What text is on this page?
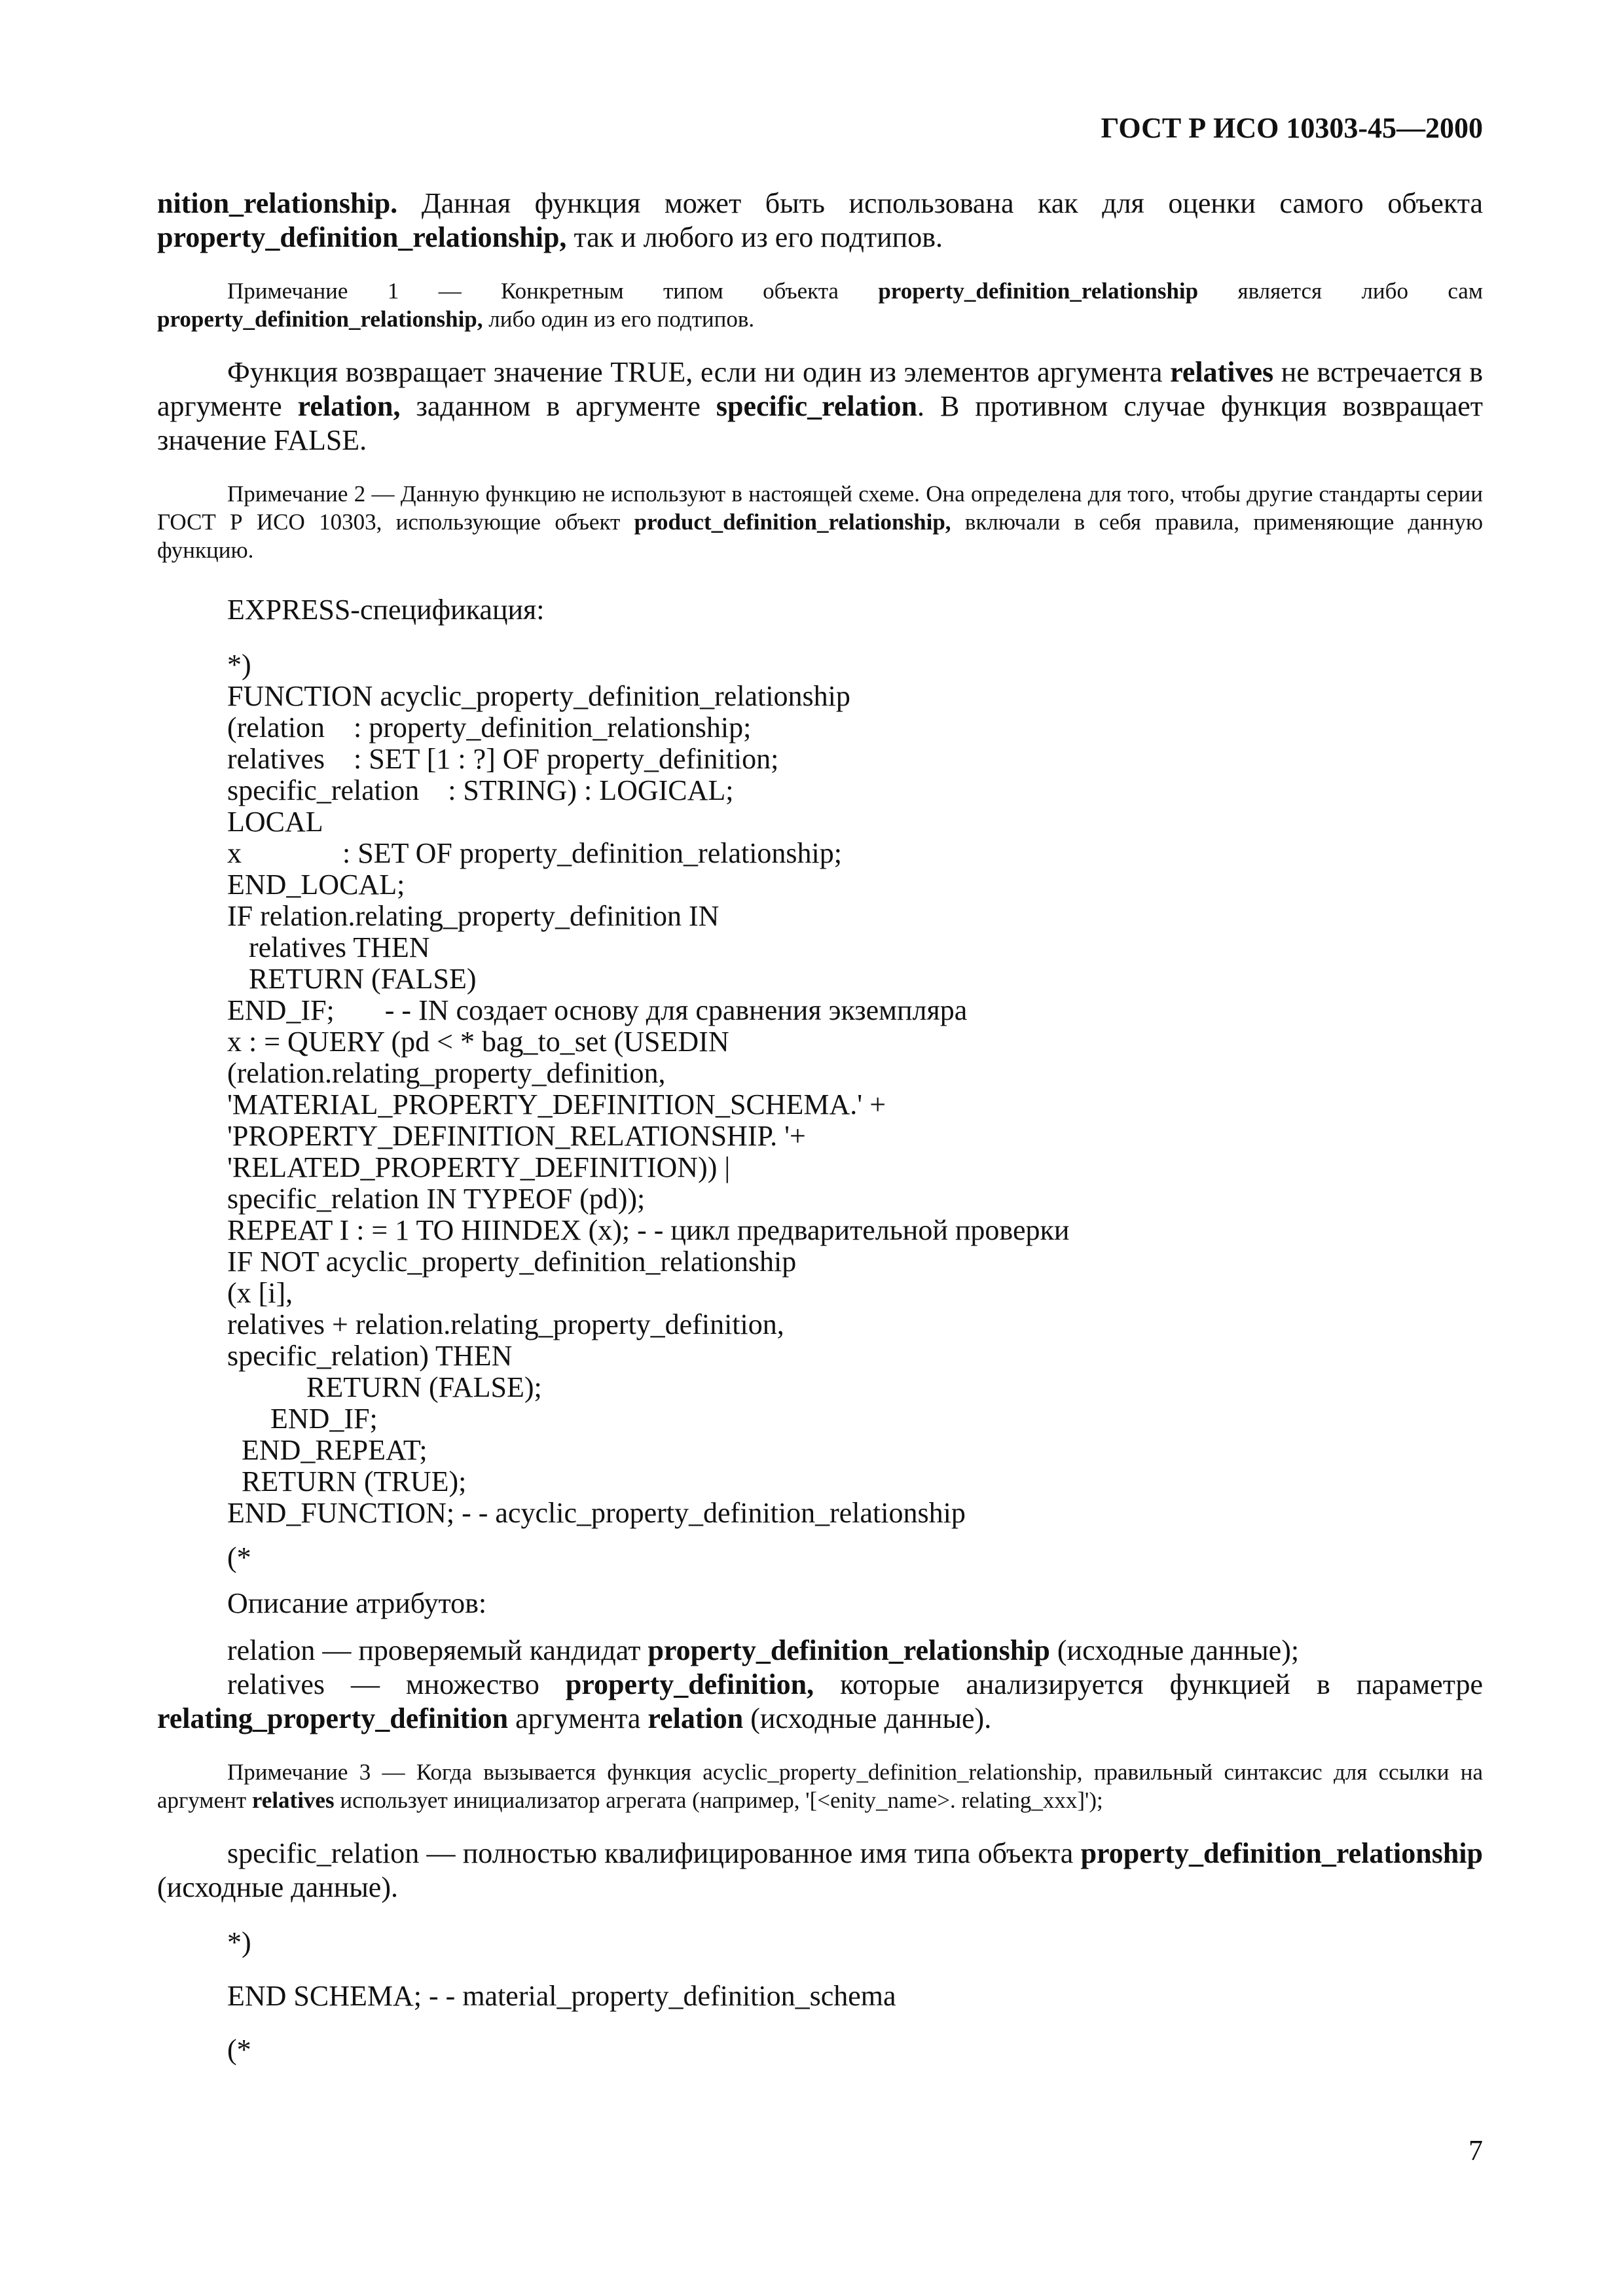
ГОСТ Р ИСО 10303-45—2000

nition_relationship. Данная функция может быть использована как для оценки самого объекта property_definition_relationship, так и любого из его подтипов.

Примечание 1 — Конкретным типом объекта property_definition_relationship является либо сам property_definition_relationship, либо один из его подтипов.

Функция возвращает значение TRUE, если ни один из элементов аргумента relatives не встречается в аргументе relation, заданном в аргументе specific_relation. В противном случае функция возвращает значение FALSE.

Примечание 2 — Данную функцию не используют в настоящей схеме. Она определена для того, чтобы другие стандарты серии ГОСТ Р ИСО 10303, использующие объект product_definition_relationship, включали в себя правила, применяющие данную функцию.

EXPRESS-спецификация:

*)
FUNCTION acyclic_property_definition_relationship
(relation    : property_definition_relationship;
relatives    : SET [1 : ?] OF property_definition;
specific_relation    : STRING) : LOGICAL;
LOCAL
x              : SET OF property_definition_relationship;
END_LOCAL;
IF relation.relating_property_definition IN
relatives THEN
RETURN (FALSE)
END_IF;       - - IN создает основу для сравнения экземпляра
x : = QUERY (pd < * bag_to_set (USEDIN
(relation.relating_property_definition,
'MATERIAL_PROPERTY_DEFINITION_SCHEMA.' +
'PROPERTY_DEFINITION_RELATIONSHIP. '+
'RELATED_PROPERTY_DEFINITION)) |
specific_relation IN TYPEOF (pd));
REPEAT I : = 1 TO HIINDEX (x); - - цикл предварительной проверки
IF NOT acyclic_property_definition_relationship
(x [i],
relatives + relation.relating_property_definition,
specific_relation) THEN
RETURN (FALSE);
END_IF;
END_REPEAT;
RETURN (TRUE);
END_FUNCTION; - - acyclic_property_definition_relationship
(*

Описание атрибутов:

relation — проверяемый кандидат property_definition_relationship (исходные данные);

relatives — множество property_definition, которые анализируется функцией в параметре relating_property_definition аргумента relation (исходные данные).

Примечание 3 — Когда вызывается функция acyclic_property_definition_relationship, правильный синтаксис для ссылки на аргумент relatives использует инициализатор агрегата (например, '[<enity_name>. relating_xxx]');

specific_relation — полностью квалифицированное имя типа объекта property_definition_relationship (исходные данные).

*)
END SCHEMA; - - material_property_definition_schema
(*
7
